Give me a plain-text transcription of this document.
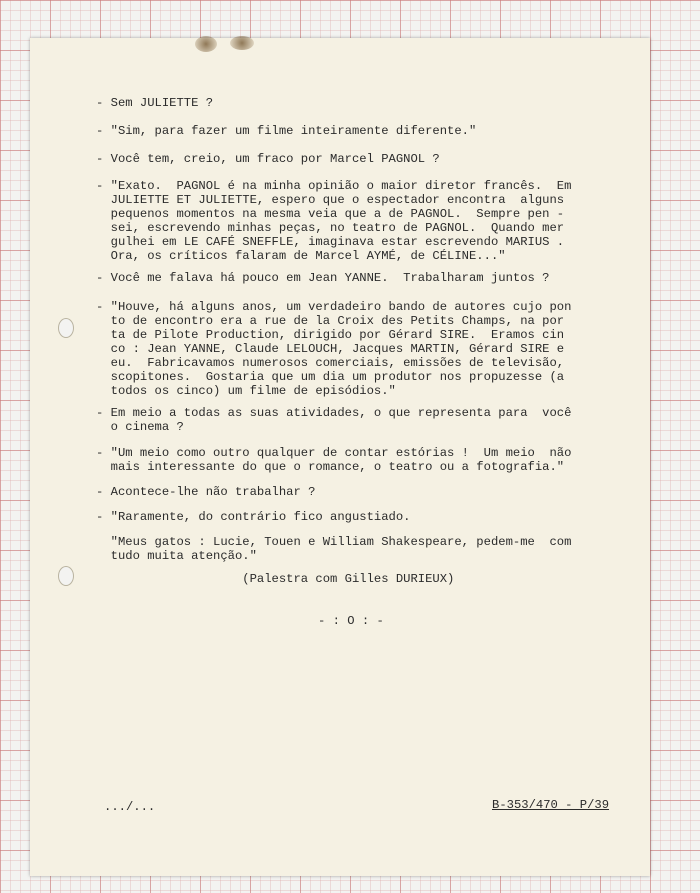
- Sem JULIETTE ?
- "Sim, para fazer um filme inteiramente diferente."
- Você tem, creio, um fraco por Marcel PAGNOL ?
- "Exato.  PAGNOL é na minha opinião o maior diretor francês.  Em
JULIETTE ET JULIETTE, espero que o espectador encontra  alguns
pequenos momentos na mesma veia que a de PAGNOL.  Sempre pen -
sei, escrevendo minhas peças, no teatro de PAGNOL.  Quando mer
gulhei em LE CAFÉ SNEFFLE, imaginava estar escrevendo MARIUS .
Ora, os críticos falaram de Marcel AYMÉ, de CÉLINE..."
- Você me falava há pouco em Jean YANNE.  Trabalharam juntos ?
- "Houve, há alguns anos, um verdadeiro bando de autores cujo pon
to de encontro era a rue de la Croix des Petits Champs, na por
ta de Pilote Production, dirigido por Gérard SIRE.  Eramos cin
co : Jean YANNE, Claude LELOUCH, Jacques MARTIN, Gérard SIRE e
eu.  Fabricavamos numerosos comerciais, emissões de televisão,
scopitones.  Gostaria que um dia um produtor nos propuzesse (a
todos os cinco) um filme de episódios."
- Em meio a todas as suas atividades, o que representa para  você
o cinema ?
- "Um meio como outro qualquer de contar estórias !  Um meio  não
mais interessante do que o romance, o teatro ou a fotografia."
- Acontece-lhe não trabalhar ?
- "Raramente, do contrário fico angustiado.
"Meus gatos : Lucie, Touen e William Shakespeare, pedem-me  com
tudo muita atenção."
(Palestra com Gilles DURIEUX)
- : O : -
.../...	B-353/470 - P/39
